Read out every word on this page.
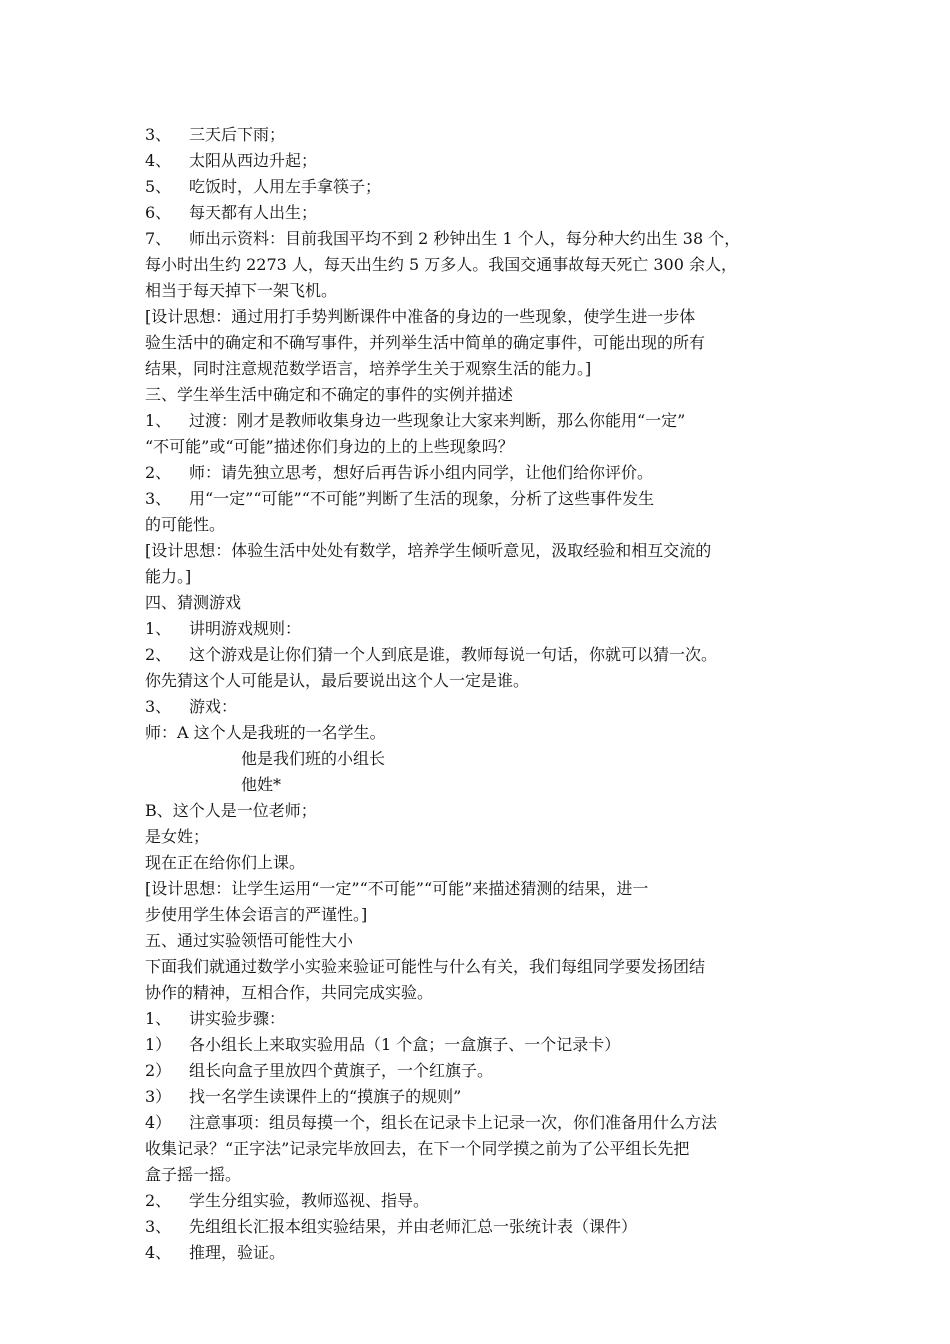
3、 三天后下雨；

4、 太阳从西边升起；

5、 吃饭时，人用左手拿筷子；

6、 每天都有人出生；

7、 师出示资料：目前我国平均不到 2 秒钟出生 1 个人，每分种大约出生 38 个，

每小时出生约 2273 人，每天出生约 5 万多人。我国交通事故每天死亡 300 余人，

相当于每天掉下一架飞机。

[设计思想：通过用打手势判断课件中准备的身边的一些现象，使学生进一步体

验生活中的确定和不确写事件，并列举生活中简单的确定事件，可能出现的所有

结果，同时注意规范数学语言，培养学生关于观察生活的能力。]

三、学生举生活中确定和不确定的事件的实例并描述

1、 过渡：刚才是教师收集身边一些现象让大家来判断，那么你能用“一定”

“不可能”或“可能”描述你们身边的上的上些现象吗？

2、 师：请先独立思考，想好后再告诉小组内同学，让他们给你评价。

3、 用“一定”“可能”“不可能”判断了生活的现象，分析了这些事件发生

的可能性。

[设计思想：体验生活中处处有数学，培养学生倾听意见，汲取经验和相互交流的

能力。]

四、猜测游戏

1、 讲明游戏规则：

2、 这个游戏是让你们猜一个人到底是谁，教师每说一句话，你就可以猜一次。

你先猜这个人可能是认，最后要说出这个人一定是谁。

3、 游戏：

师：A 这个人是我班的一名学生。

他是我们班的小组长

他姓*

B、这个人是一位老师；

是女姓；

现在正在给你们上课。

[设计思想：让学生运用“一定”“不可能”“可能”来描述猜测的结果，进一

步使用学生体会语言的严谨性。]

五、通过实验领悟可能性大小

下面我们就通过数学小实验来验证可能性与什么有关，我们每组同学要发扬团结

协作的精神，互相合作，共同完成实验。

1、 讲实验步骤：

1） 各小组长上来取实验用品（1 个盒；一盒旗子、一个记录卡）

2） 组长向盒子里放四个黄旗子，一个红旗子。

3） 找一名学生读课件上的“摸旗子的规则”

4） 注意事项：组员每摸一个，组长在记录卡上记录一次，你们准备用什么方法

收集记录？“正字法”记录完毕放回去，在下一个同学摸之前为了公平组长先把

盒子摇一摇。

2、 学生分组实验，教师巡视、指导。

3、 先组组长汇报本组实验结果，并由老师汇总一张统计表（课件）

4、 推理，验证。
